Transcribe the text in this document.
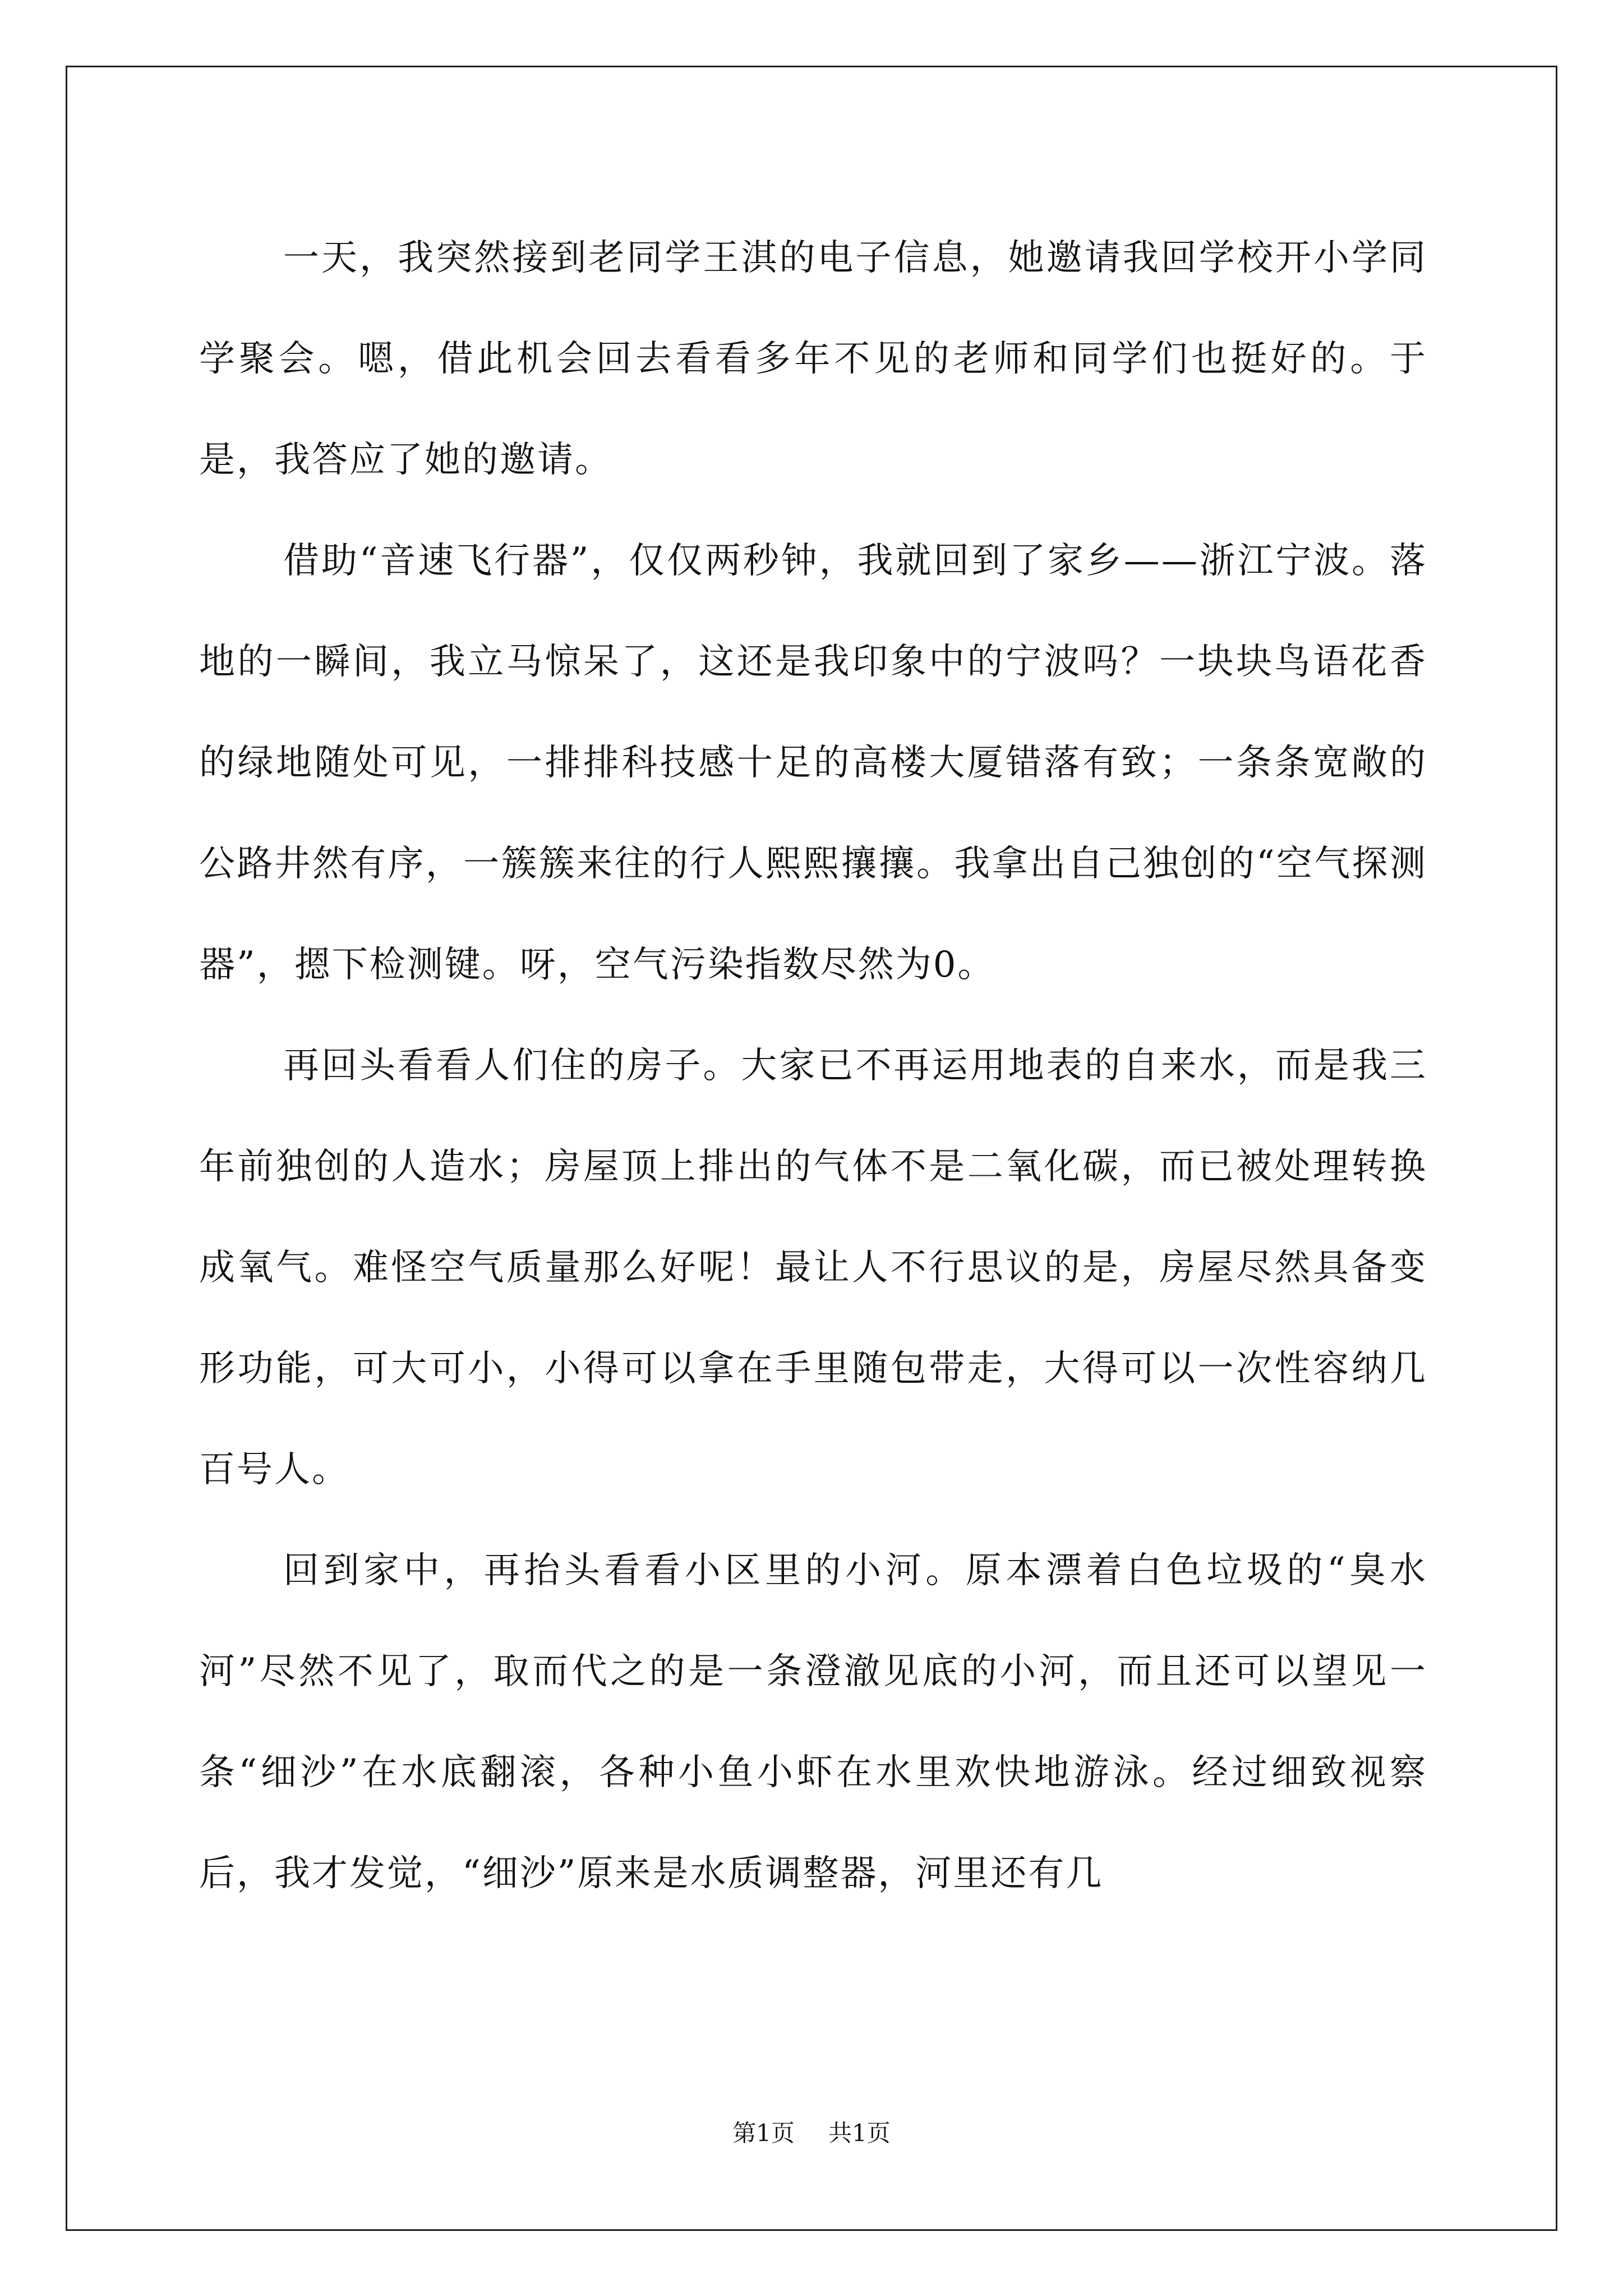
一天，我突然接到老同学王淇的电子信息，她邀请我回学校开小学同学聚会。嗯，借此机会回去看看多年不见的老师和同学们也挺好的。于是，我答应了她的邀请。

借助“音速飞行器”，仅仅两秒钟，我就回到了家乡——浙江宁波。落地的一瞬间，我立马惊呆了，这还是我印象中的宁波吗？一块块鸟语花香的绿地随处可见，一排排科技感十足的高楼大厦错落有致；一条条宽敞的公路井然有序，一簇簇来往的行人熙熙攘攘。我拿出自己独创的“空气探测器”，摁下检测键。呀，空气污染指数尽然为0。

再回头看看人们住的房子。大家已不再运用地表的自来水，而是我三年前独创的人造水；房屋顶上排出的气体不是二氧化碳，而已被处理转换成氧气。难怪空气质量那么好呢！最让人不行思议的是，房屋尽然具备变形功能，可大可小，小得可以拿在手里随包带走，大得可以一次性容纳几百号人。

回到家中，再抬头看看小区里的小河。原本漂着白色垃圾的“臭水河”尽然不见了，取而代之的是一条澄澈见底的小河，而且还可以望见一条“细沙”在水底翻滚，各种小鱼小虾在水里欢快地游泳。经过细致视察后，我才发觉，“细沙”原来是水质调整器，河里还有几

第1页 共1页
